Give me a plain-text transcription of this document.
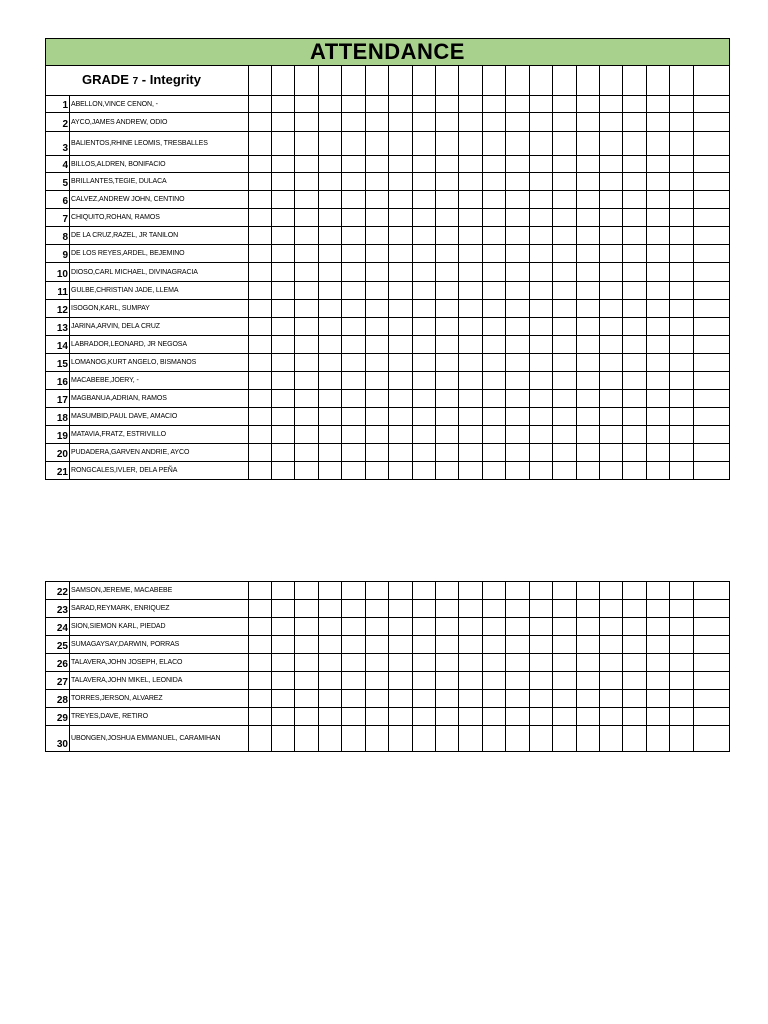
ATTENDANCE																					
GRADE 7 - Integrity																					
1	ABELLON,VINCE CENON, -																				
2	AYCO,JAMES ANDREW, ODIO																				
3	BALIENTOS,RHINE LEOMIS, TRESBALLES																				
4	BILLOS,ALDREN, BONIFACIO																				
5	BRILLANTES,TEGIE, DULACA																				
6	CALVEZ,ANDREW JOHN, CENTINO																				
7	CHIQUITO,ROHAN, RAMOS																				
8	DE LA CRUZ,RAZEL, JR TANILON																				
9	DE LOS REYES,ARDEL, BEJEMINO																				
10	DIOSO,CARL MICHAEL, DIVINAGRACIA																				
11	GULBE,CHRISTIAN JADE, LLEMA																				
12	ISOGON,KARL, SUMPAY																				
13	JARINA,ARVIN, DELA CRUZ																				
14	LABRADOR,LEONARD, JR NEGOSA																				
15	LOMANOG,KURT ANGELO, BISMANOS																				
16	MACABEBE,JOERY, -																				
17	MAGBANUA,ADRIAN, RAMOS																				
18	MASUMBID,PAUL DAVE, AMACIO																				
19	MATAVIA,FRATZ, ESTRIVILLO																				
20	PUDADERA,GARVEN ANDRIE, AYCO																				
21	RONGCALES,IVLER, DELA PEÑA																				
22	SAMSON,JEREME, MACABEBE																				
23	SARAD,REYMARK, ENRIQUEZ																				
24	SION,SIEMON KARL, PIEDAD																				
25	SUMAGAYSAY,DARWIN, PORRAS																				
26	TALAVERA,JOHN JOSEPH, ELACO																				
27	TALAVERA,JOHN MIKEL, LEONIDA																				
28	TORRES,JERSON, ALVAREZ																				
29	TREYES,DAVE, RETIRO																				
30	UBONGEN,JOSHUA EMMANUEL, CARAMIHAN																				
